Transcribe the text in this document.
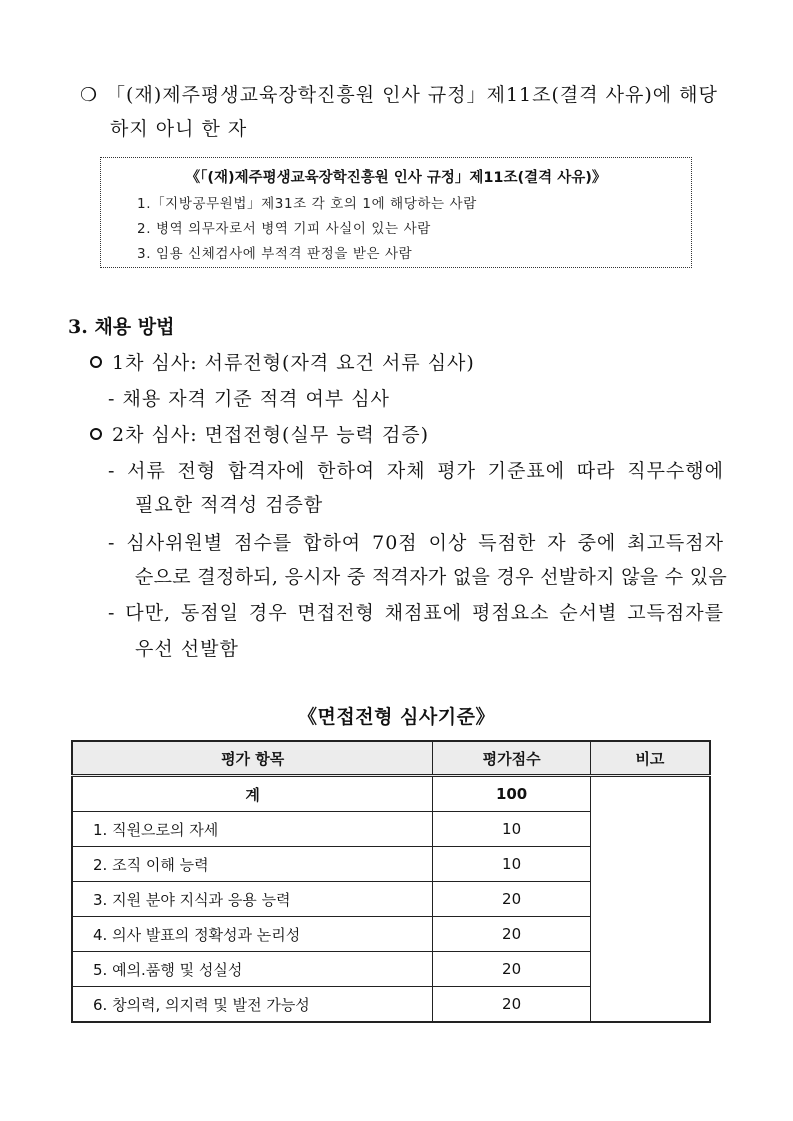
❍ 「(재)제주평생교육장학진흥원 인사 규정」제11조(결격 사유)에 해당
하지 아니 한 자
《「(재)제주평생교육장학진흥원 인사 규정」제11조(결격 사유)》
1.「지방공무원법」제31조 각 호의 1에 해당하는 사람
2. 병역 의무자로서 병역 기피 사실이 있는 사람
3. 임용 신체검사에 부적격 판정을 받은 사람
3. 채용 방법
1차 심사: 서류전형(자격 요건 서류 심사)
- 채용 자격 기준 적격 여부 심사
2차 심사: 면접전형(실무 능력 검증)
- 서류 전형 합격자에 한하여 자체 평가 기준표에 따라 직무수행에
필요한 적격성 검증함
- 심사위원별 점수를 합하여 70점 이상 득점한 자 중에 최고득점자
순으로 결정하되, 응시자 중 적격자가 없을 경우 선발하지 않을 수 있음
- 다만, 동점일 경우 면접전형 채점표에 평점요소 순서별 고득점자를
우선 선발함
《면접전형 심사기준》
평가 항목	평가점수	비고
계	100	
1. 직원으로의 자세	10	
2. 조직 이해 능력	10	
3. 지원 분야 지식과 응용 능력	20	
4. 의사 발표의 정확성과 논리성	20	
5. 예의.품행 및 성실성	20	
6. 창의력, 의지력 및 발전 가능성	20	
